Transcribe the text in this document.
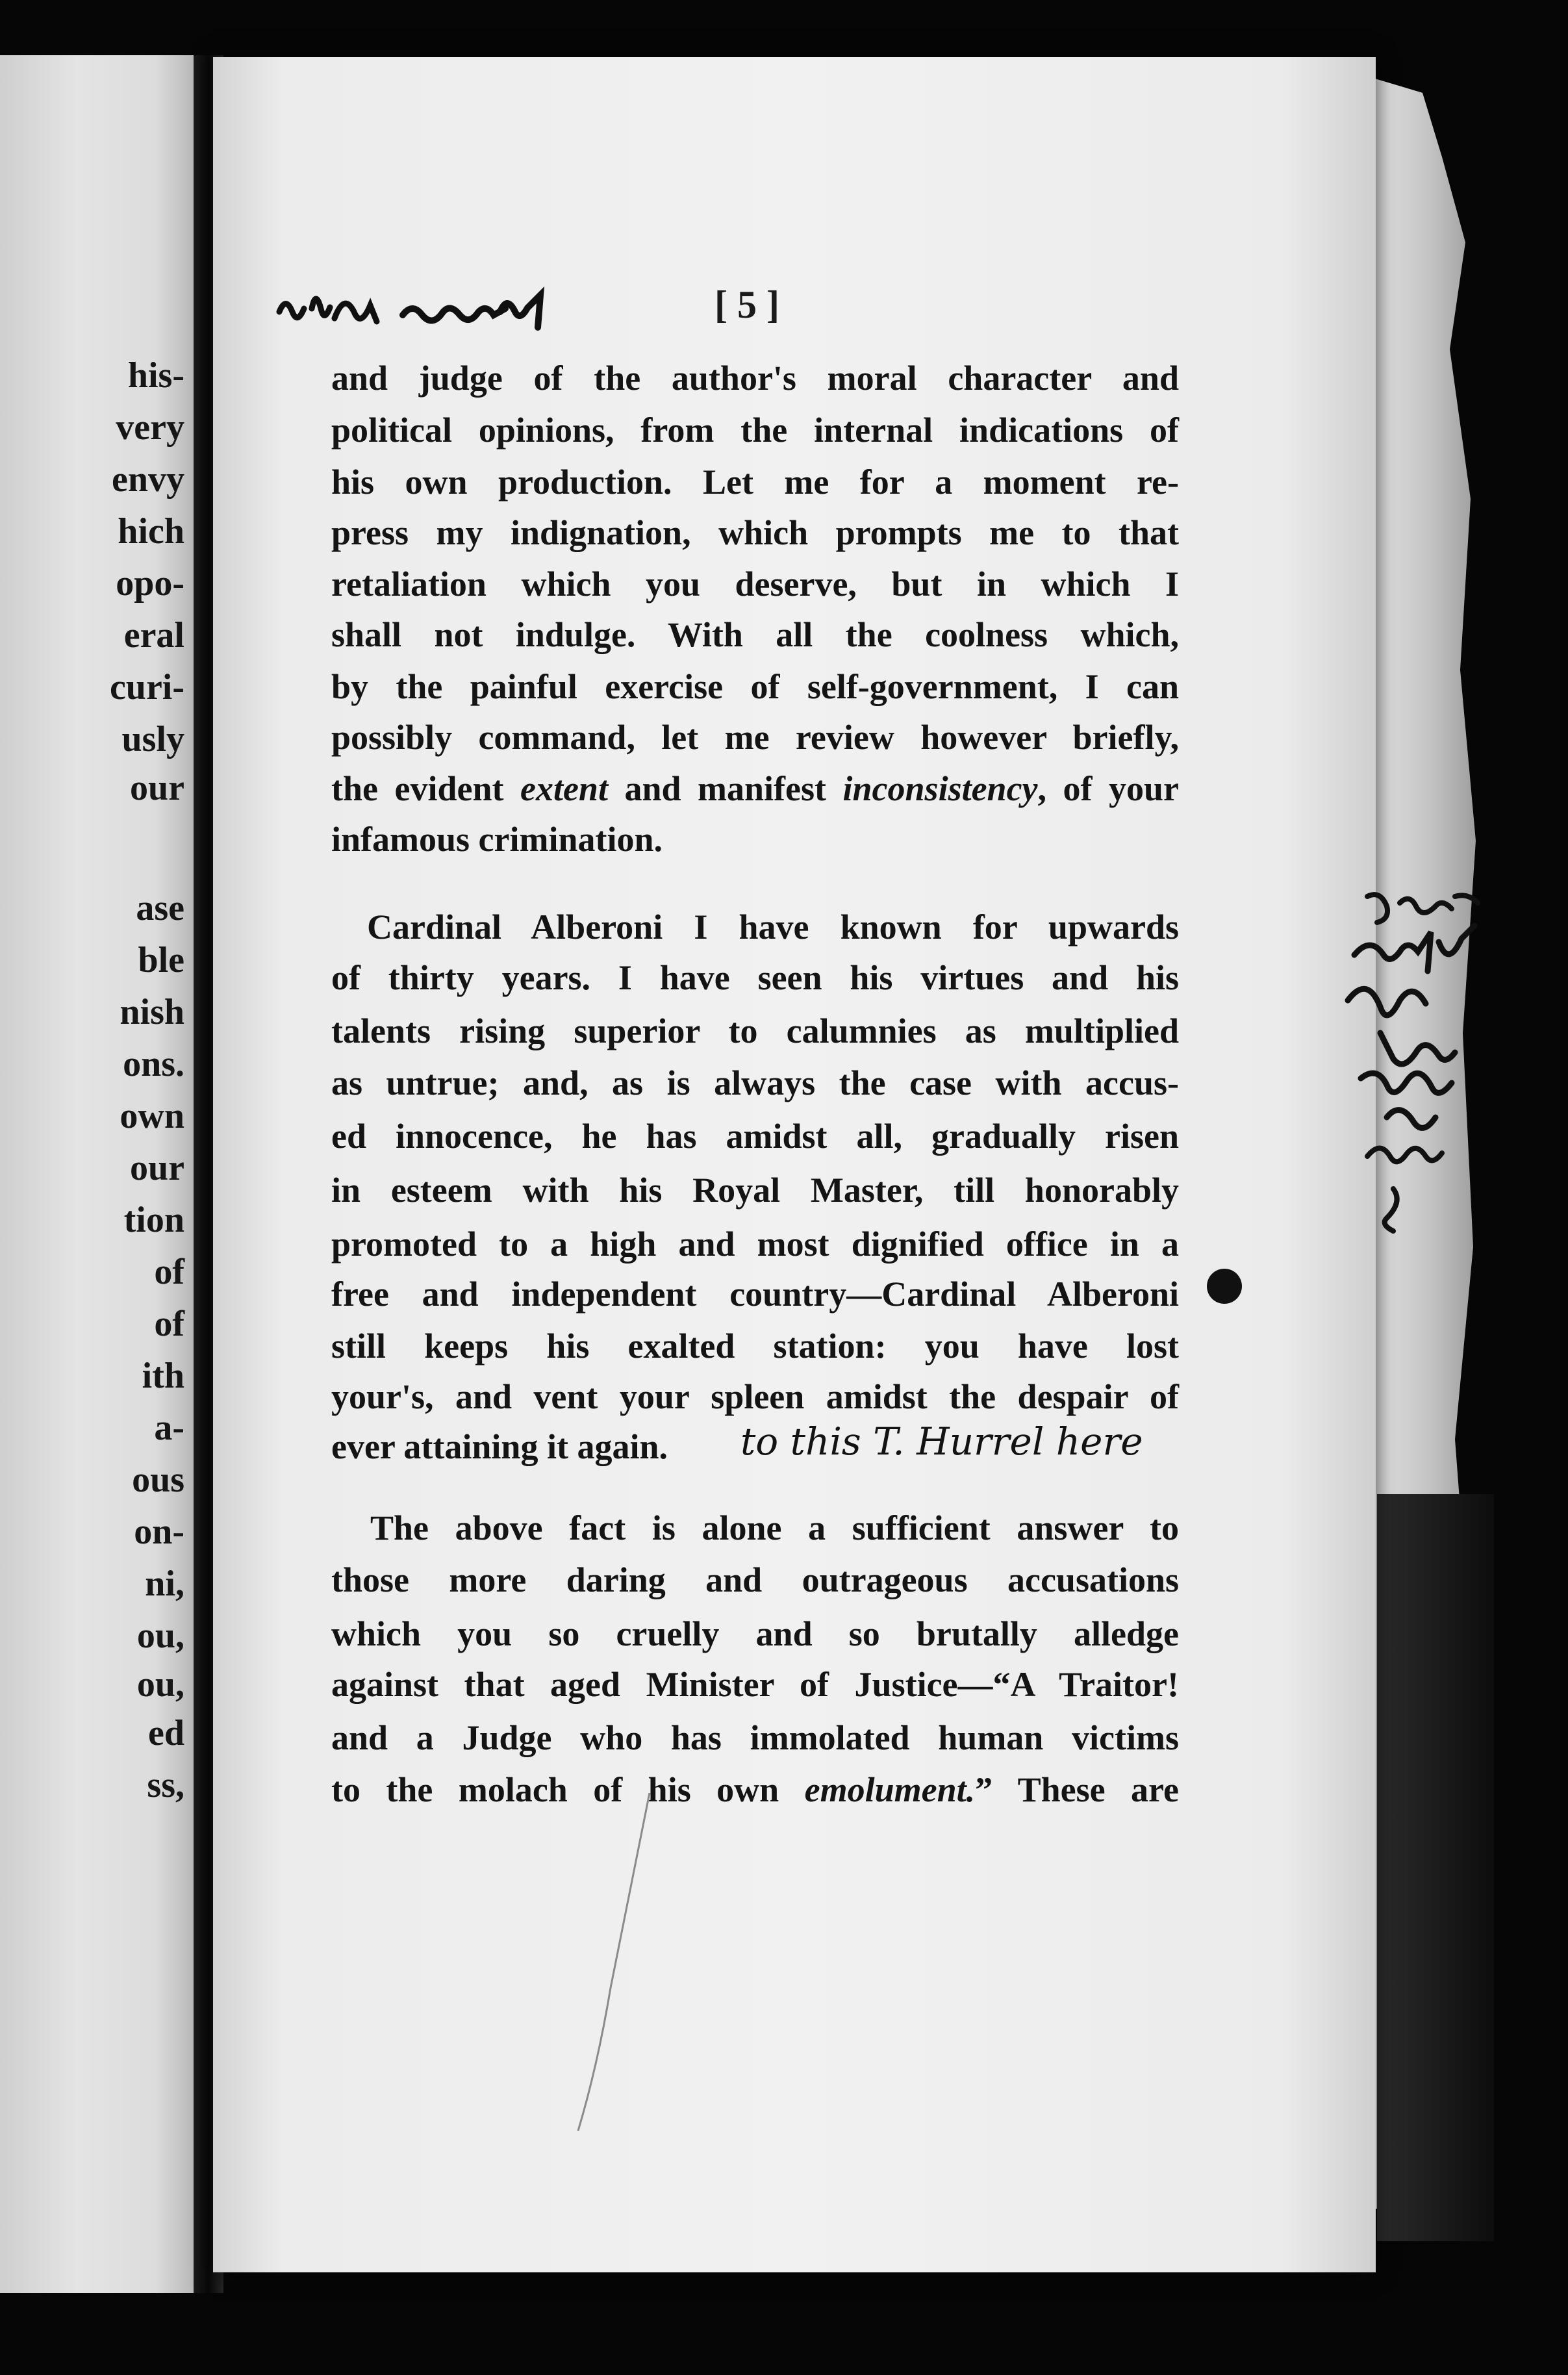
his-
very
envy
hich
opo-
eral
curi-
usly
our
ase
ble
nish
ons.
own
our
tion
of
of
ith
a-
ous
on-
ni,
ou,
ou,
ed
ss,
[ 5 ]
and judge of the author's moral character and
political opinions, from the internal indications of
his own production. Let me for a moment re-
press my indignation, which prompts me to that
retaliation which you deserve, but in which I
shall not indulge. With all the coolness which,
by the painful exercise of self-government, I can
possibly command, let me review however briefly,
the evident extent and manifest inconsistency, of your
infamous crimination.
Cardinal Alberoni I have known for upwards
of thirty years. I have seen his virtues and his
talents rising superior to calumnies as multiplied
as untrue; and, as is always the case with accus-
ed innocence, he has amidst all, gradually risen
in esteem with his Royal Master, till honorably
promoted to a high and most dignified office in a
free and independent country—Cardinal Alberoni
still keeps his exalted station: you have lost
your's, and vent your spleen amidst the despair of
ever attaining it again.	to this T. Hurrel here
The above fact is alone a sufficient answer to
those more daring and outrageous accusations
which you so cruelly and so brutally alledge
against that aged Minister of Justice—“A Traitor!
and a Judge who has immolated human victims
to the molach of his own emolument.” These are
